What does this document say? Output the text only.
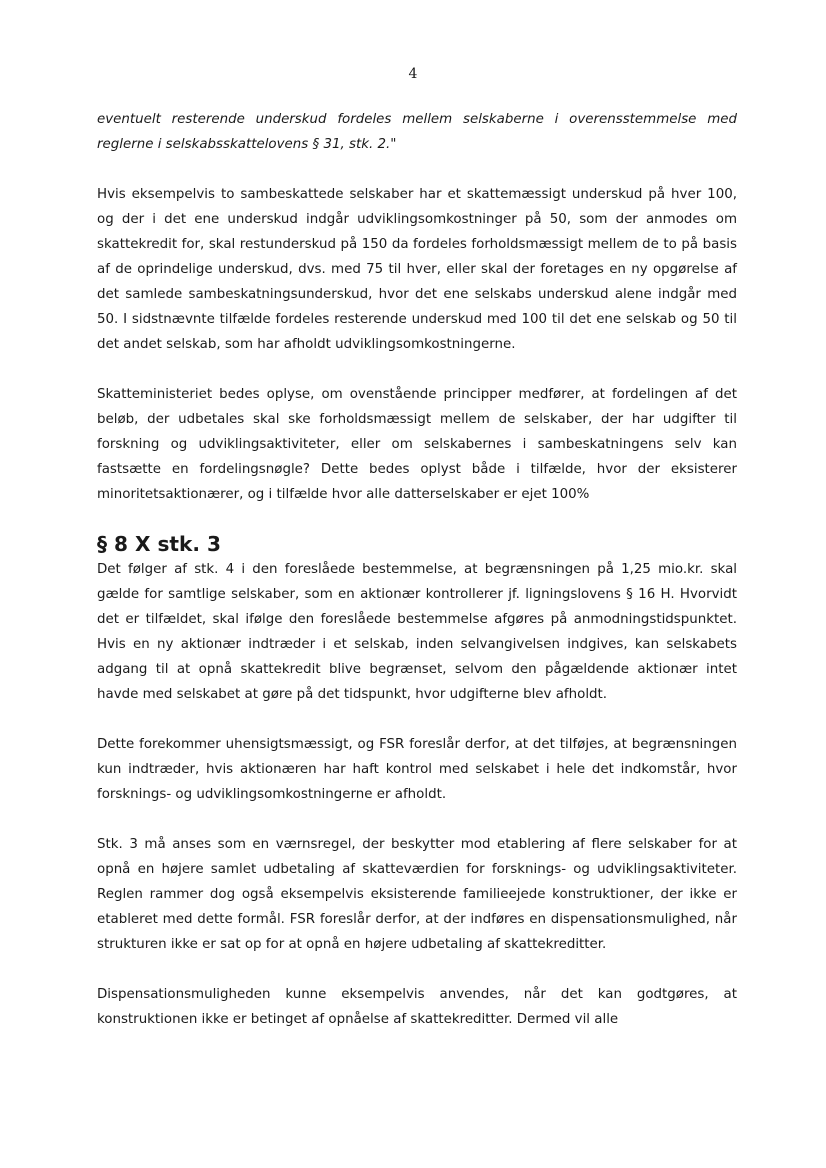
4

eventuelt resterende underskud fordeles mellem selskaberne i overensstemmelse med reglerne i selskabsskattelovens § 31, stk. 2."

Hvis eksempelvis to sambeskattede selskaber har et skattemæssigt underskud på hver 100, og der i det ene underskud indgår udviklingsomkostninger på 50, som der anmodes om skattekredit for, skal restunderskud på 150 da fordeles forholdsmæssigt mellem de to på basis af de oprindelige underskud, dvs. med 75 til hver, eller skal der foretages en ny opgørelse af det samlede sambeskatningsunderskud, hvor det ene selskabs underskud alene indgår med 50. I sidstnævnte tilfælde fordeles resterende underskud med 100 til det ene selskab og 50 til det andet selskab, som har afholdt udviklingsomkostningerne.

Skatteministeriet bedes oplyse, om ovenstående principper medfører, at fordelingen af det beløb, der udbetales skal ske forholdsmæssigt mellem de selskaber, der har udgifter til forskning og udviklingsaktiviteter, eller om selskabernes i sambeskatningens selv kan fastsætte en fordelingsnøgle? Dette bedes oplyst både i tilfælde, hvor der eksisterer minoritetsaktionærer, og i tilfælde hvor alle datterselskaber er ejet 100%

§ 8 X stk. 3

Det følger af stk. 4 i den foreslåede bestemmelse, at begrænsningen på 1,25 mio.kr. skal gælde for samtlige selskaber, som en aktionær kontrollerer jf. ligningslovens § 16 H. Hvorvidt det er tilfældet, skal ifølge den foreslåede bestemmelse afgøres på anmodningstidspunktet. Hvis en ny aktionær indtræder i et selskab, inden selvangivelsen indgives, kan selskabets adgang til at opnå skattekredit blive begrænset, selvom den pågældende aktionær intet havde med selskabet at gøre på det tidspunkt, hvor udgifterne blev afholdt.

Dette forekommer uhensigtsmæssigt, og FSR foreslår derfor, at det tilføjes, at begrænsningen kun indtræder, hvis aktionæren har haft kontrol med selskabet i hele det indkomstår, hvor forsknings- og udviklingsomkostningerne er afholdt.

Stk. 3 må anses som en værnsregel, der beskytter mod etablering af flere selskaber for at opnå en højere samlet udbetaling af skatteværdien for forsknings- og udviklingsaktiviteter. Reglen rammer dog også eksempelvis eksisterende familieejede konstruktioner, der ikke er etableret med dette formål. FSR foreslår derfor, at der indføres en dispensationsmulighed, når strukturen ikke er sat op for at opnå en højere udbetaling af skattekreditter.

Dispensationsmuligheden kunne eksempelvis anvendes, når det kan godtgøres, at konstruktionen ikke er betinget af opnåelse af skattekreditter. Dermed vil alle
